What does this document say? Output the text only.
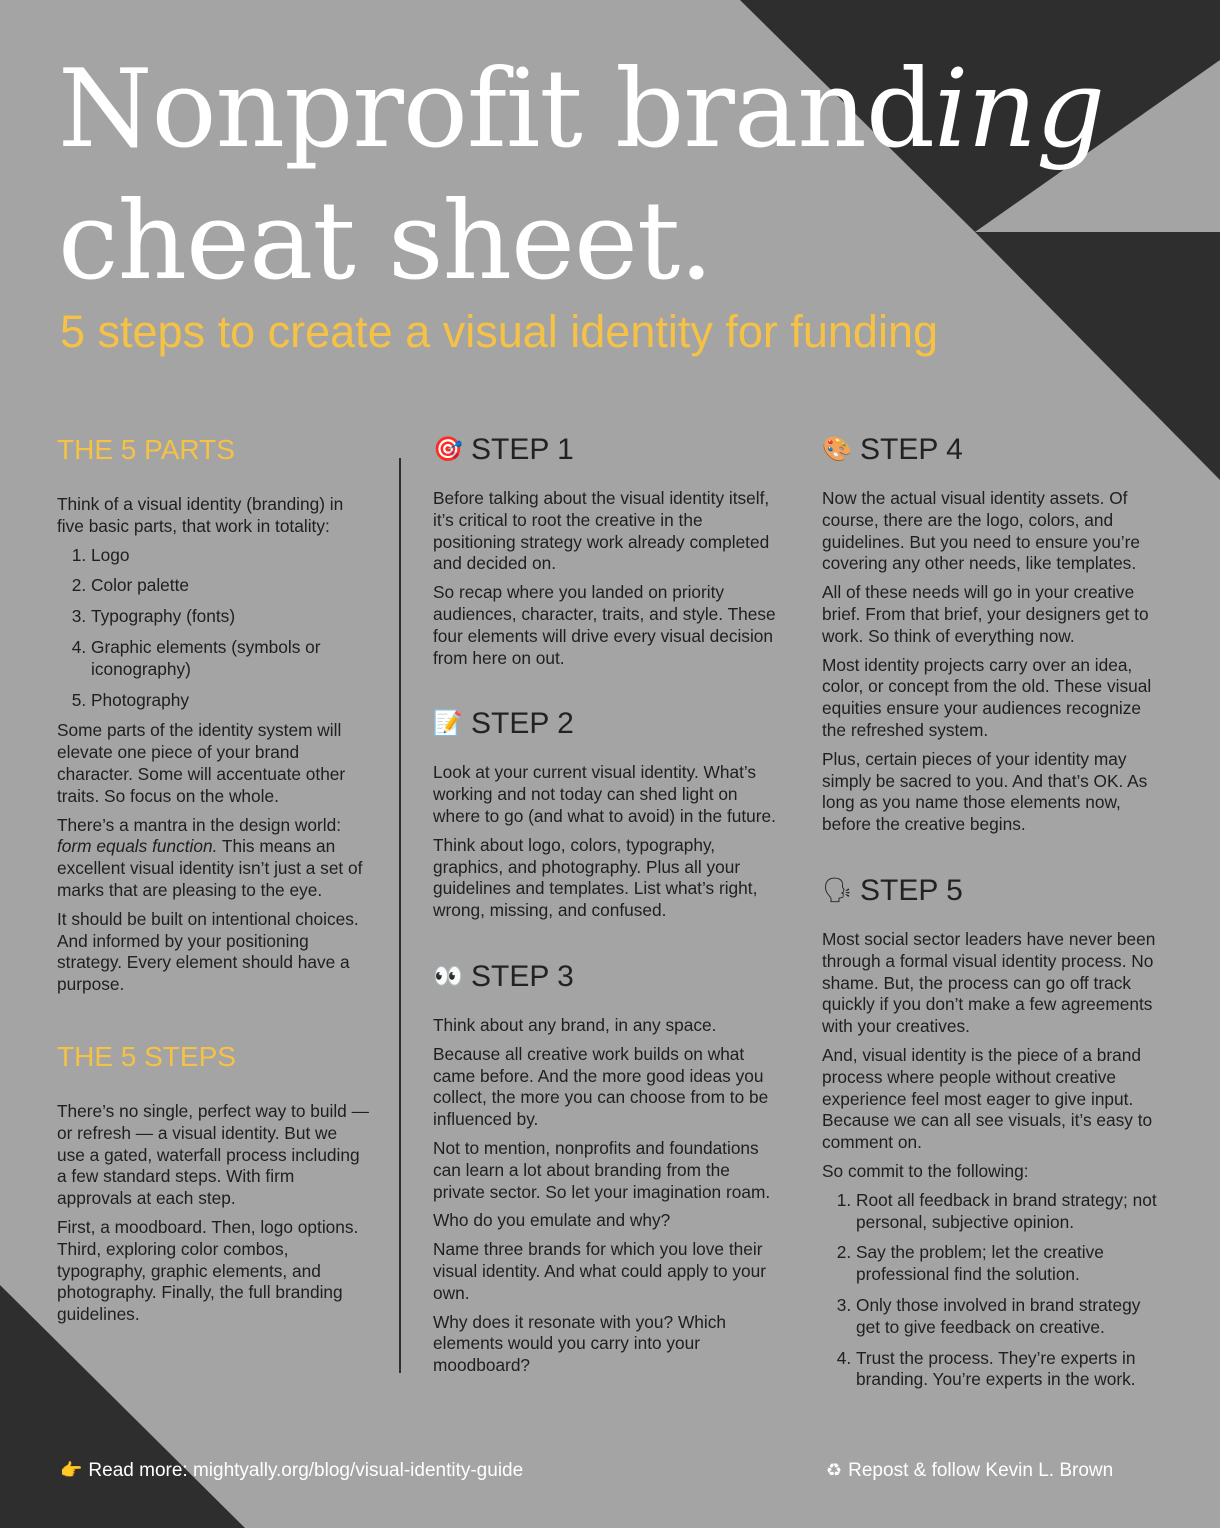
Nonprofit branding
cheat sheet.
5 steps to create a visual identity for funding
THE 5 PARTS

Think of a visual identity (branding) in five basic parts, that work in totality:

1. Logo
2. Color palette
3. Typography (fonts)
4. Graphic elements (symbols or iconography)
5. Photography

Some parts of the identity system will elevate one piece of your brand character. Some will accentuate other traits. So focus on the whole.

There’s a mantra in the design world: form equals function. This means an excellent visual identity isn’t just a set of marks that are pleasing to the eye.

It should be built on intentional choices. And informed by your positioning strategy. Every element should have a purpose.

THE 5 STEPS

There’s no single, perfect way to build — or refresh — a visual identity. But we use a gated, waterfall process including a few standard steps. With firm approvals at each step.

First, a moodboard. Then, logo options. Third, exploring color combos, typography, graphic elements, and photography. Finally, the full branding guidelines.

🎯 STEP 1

Before talking about the visual identity itself, it’s critical to root the creative in the positioning strategy work already completed and decided on.

So recap where you landed on priority audiences, character, traits, and style. These four elements will drive every visual decision from here on out.

📝 STEP 2

Look at your current visual identity. What’s working and not today can shed light on where to go (and what to avoid) in the future.

Think about logo, colors, typography, graphics, and photography. Plus all your guidelines and templates. List what’s right, wrong, missing, and confused.

👀 STEP 3

Think about any brand, in any space.

Because all creative work builds on what came before. And the more good ideas you collect, the more you can choose from to be influenced by.

Not to mention, nonprofits and foundations can learn a lot about branding from the private sector. So let your imagination roam.

Who do you emulate and why?

Name three brands for which you love their visual identity. And what could apply to your own.

Why does it resonate with you? Which elements would you carry into your moodboard?

🎨 STEP 4

Now the actual visual identity assets. Of course, there are the logo, colors, and guidelines. But you need to ensure you’re covering any other needs, like templates.

All of these needs will go in your creative brief. From that brief, your designers get to work. So think of everything now.

Most identity projects carry over an idea, color, or concept from the old. These visual equities ensure your audiences recognize the refreshed system.

Plus, certain pieces of your identity may simply be sacred to you. And that’s OK. As long as you name those elements now, before the creative begins.

🗣 STEP 5

Most social sector leaders have never been through a formal visual identity process. No shame. But, the process can go off track quickly if you don’t make a few agreements with your creatives.

And, visual identity is the piece of a brand process where people without creative experience feel most eager to give input. Because we can all see visuals, it’s easy to comment on.

So commit to the following:

1. Root all feedback in brand strategy; not personal, subjective opinion.
2. Say the problem; let the creative professional find the solution.
3. Only those involved in brand strategy get to give feedback on creative.
4. Trust the process. They’re experts in branding. You’re experts in the work.
👉 Read more: mightyally.org/blog/visual-identity-guide	♻ Repost & follow Kevin L. Brown
